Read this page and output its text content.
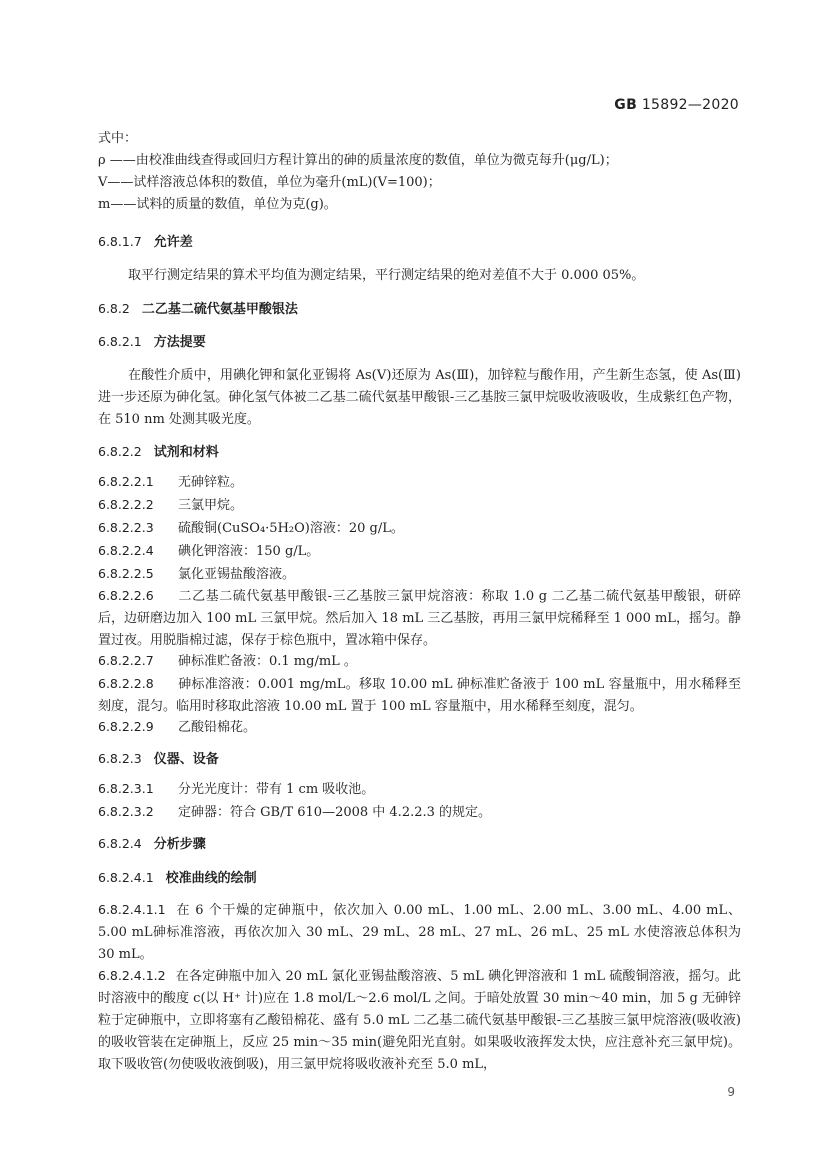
GB 15892—2020
式中：
ρ ——由校准曲线查得或回归方程计算出的砷的质量浓度的数值，单位为微克每升(μg/L)；
V——试样溶液总体积的数值，单位为毫升(mL)(V=100)；
m——试料的质量的数值，单位为克(g)。
6.8.1.7 允许差
取平行测定结果的算术平均值为测定结果，平行测定结果的绝对差值不大于 0.000 05%。
6.8.2 二乙基二硫代氨基甲酸银法
6.8.2.1 方法提要
在酸性介质中，用碘化钾和氯化亚锡将 As(Ⅴ)还原为 As(Ⅲ)，加锌粒与酸作用，产生新生态氢，使 As(Ⅲ)进一步还原为砷化氢。砷化氢气体被二乙基二硫代氨基甲酸银-三乙基胺三氯甲烷吸收液吸收，生成紫红色产物，在 510 nm 处测其吸光度。
6.8.2.2 试剂和材料
6.8.2.2.1 无砷锌粒。
6.8.2.2.2 三氯甲烷。
6.8.2.2.3 硫酸铜(CuSO₄·5H₂O)溶液：20 g/L。
6.8.2.2.4 碘化钾溶液：150 g/L。
6.8.2.2.5 氯化亚锡盐酸溶液。
6.8.2.2.6 二乙基二硫代氨基甲酸银-三乙基胺三氯甲烷溶液：称取 1.0 g 二乙基二硫代氨基甲酸银，研碎后，边研磨边加入 100 mL 三氯甲烷。然后加入 18 mL 三乙基胺，再用三氯甲烷稀释至 1 000 mL，摇匀。静置过夜。用脱脂棉过滤，保存于棕色瓶中，置冰箱中保存。
6.8.2.2.7 砷标准贮备液：0.1 mg/mL 。
6.8.2.2.8 砷标准溶液：0.001 mg/mL。移取 10.00 mL 砷标准贮备液于 100 mL 容量瓶中，用水稀释至刻度，混匀。临用时移取此溶液 10.00 mL 置于 100 mL 容量瓶中，用水稀释至刻度，混匀。
6.8.2.2.9 乙酸铅棉花。
6.8.2.3 仪器、设备
6.8.2.3.1 分光光度计：带有 1 cm 吸收池。
6.8.2.3.2 定砷器：符合 GB/T 610—2008 中 4.2.2.3 的规定。
6.8.2.4 分析步骤
6.8.2.4.1 校准曲线的绘制
6.8.2.4.1.1 在 6 个干燥的定砷瓶中，依次加入 0.00 mL、1.00 mL、2.00 mL、3.00 mL、4.00 mL、5.00 mL砷标准溶液，再依次加入 30 mL、29 mL、28 mL、27 mL、26 mL、25 mL 水使溶液总体积为 30 mL。
6.8.2.4.1.2 在各定砷瓶中加入 20 mL 氯化亚锡盐酸溶液、5 mL 碘化钾溶液和 1 mL 硫酸铜溶液，摇匀。此时溶液中的酸度 c(以 H⁺ 计)应在 1.8 mol/L～2.6 mol/L 之间。于暗处放置 30 min～40 min，加 5 g 无砷锌粒于定砷瓶中，立即将塞有乙酸铅棉花、盛有 5.0 mL 二乙基二硫代氨基甲酸银-三乙基胺三氯甲烷溶液(吸收液)的吸收管装在定砷瓶上，反应 25 min～35 min(避免阳光直射。如果吸收液挥发太快，应注意补充三氯甲烷)。取下吸收管(勿使吸收液倒吸)，用三氯甲烷将吸收液补充至 5.0 mL，
9
